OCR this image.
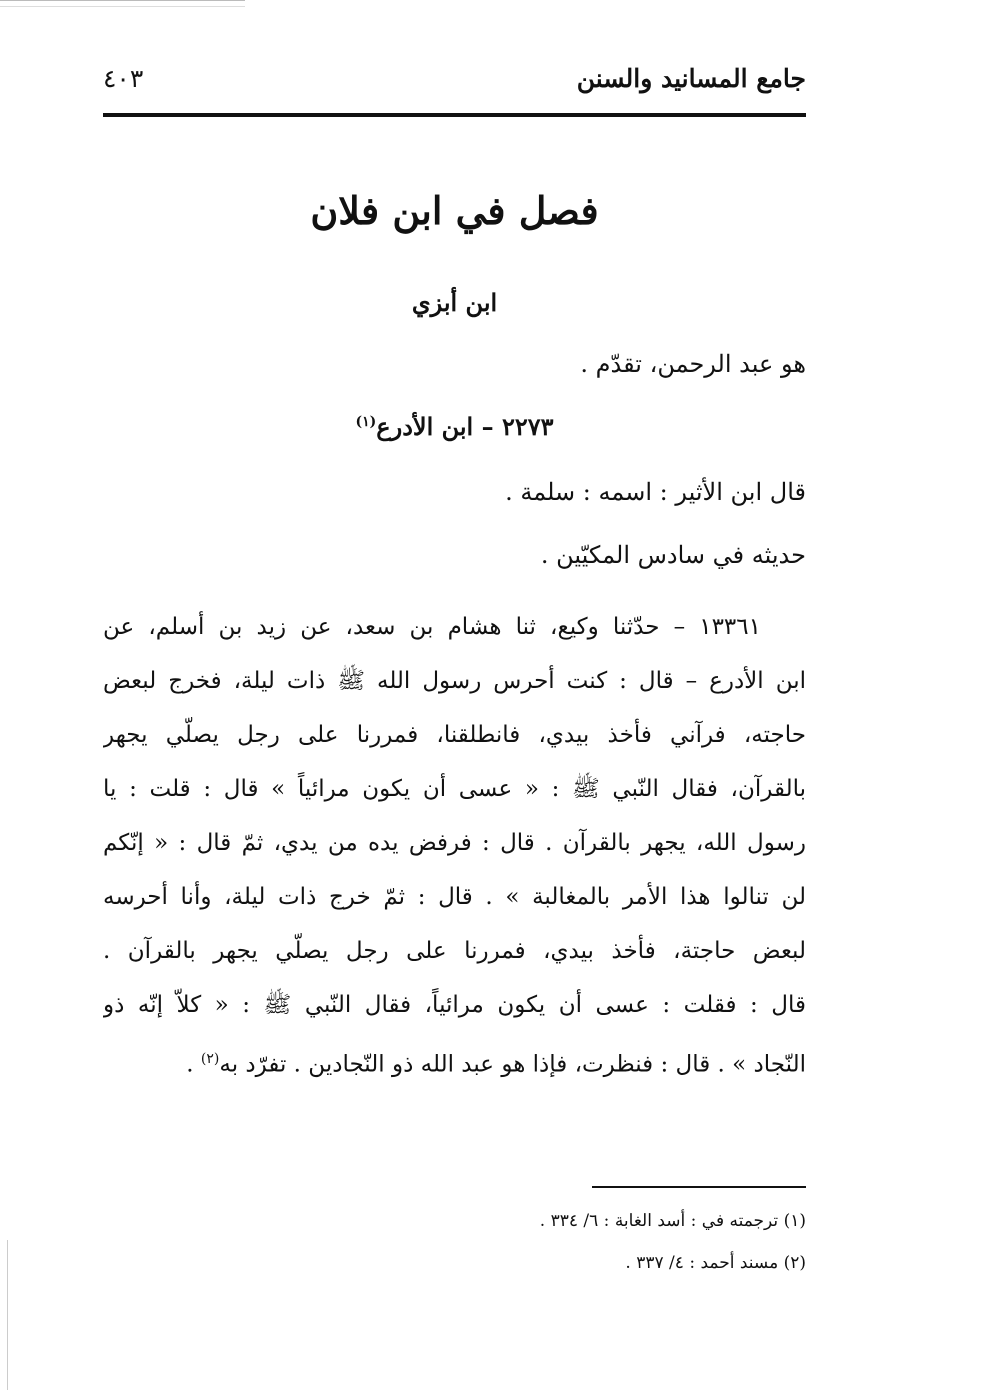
جامع المسانيد والسنن
٤٠٣
فصل في ابن فلان
ابن أبزي
هو عبد الرحمن، تقدّم .
٢٢٧٣ – ابن الأدرع$^{(١)}$
قال ابن الأثير : اسمه : سلمة .
حديثه في سادس المكيّين .
١٣٣٦١ – حدّثنا وكيع، ثنا هشام بن سعد، عن زيد بن أسلم، عن
ابن الأدرع – قال : كنت أحرس رسول الله ﷺ ذات ليلة، فخرج لبعض
حاجته، فرآني فأخذ بيدي، فانطلقنا، فمررنا على رجل يصلّي يجهر
بالقرآن، فقال النّبي ﷺ : « عسى أن يكون مرائياً » قال : قلت : يا
رسول الله، يجهر بالقرآن . قال : فرفض يده من يدي، ثمّ قال : « إنّكم
لن تنالوا هذا الأمر بالمغالبة » . قال : ثمّ خرج ذات ليلة، وأنا أحرسه
لبعض حاجتة، فأخذ بيدي، فمررنا على رجل يصلّي يجهر بالقرآن .
قال : فقلت : عسى أن يكون مرائياً، فقال النّبي ﷺ : « كلاّ إنّه ذو
النّجاد » . قال : فنظرت، فإذا هو عبد الله ذو النّجادين . تفرّد به$^{(٢)}$ .
(١) ترجمته في : أسد الغابة : ٦/ ٣٣٤ .
(٢) مسند أحمد : ٤/ ٣٣٧ .
